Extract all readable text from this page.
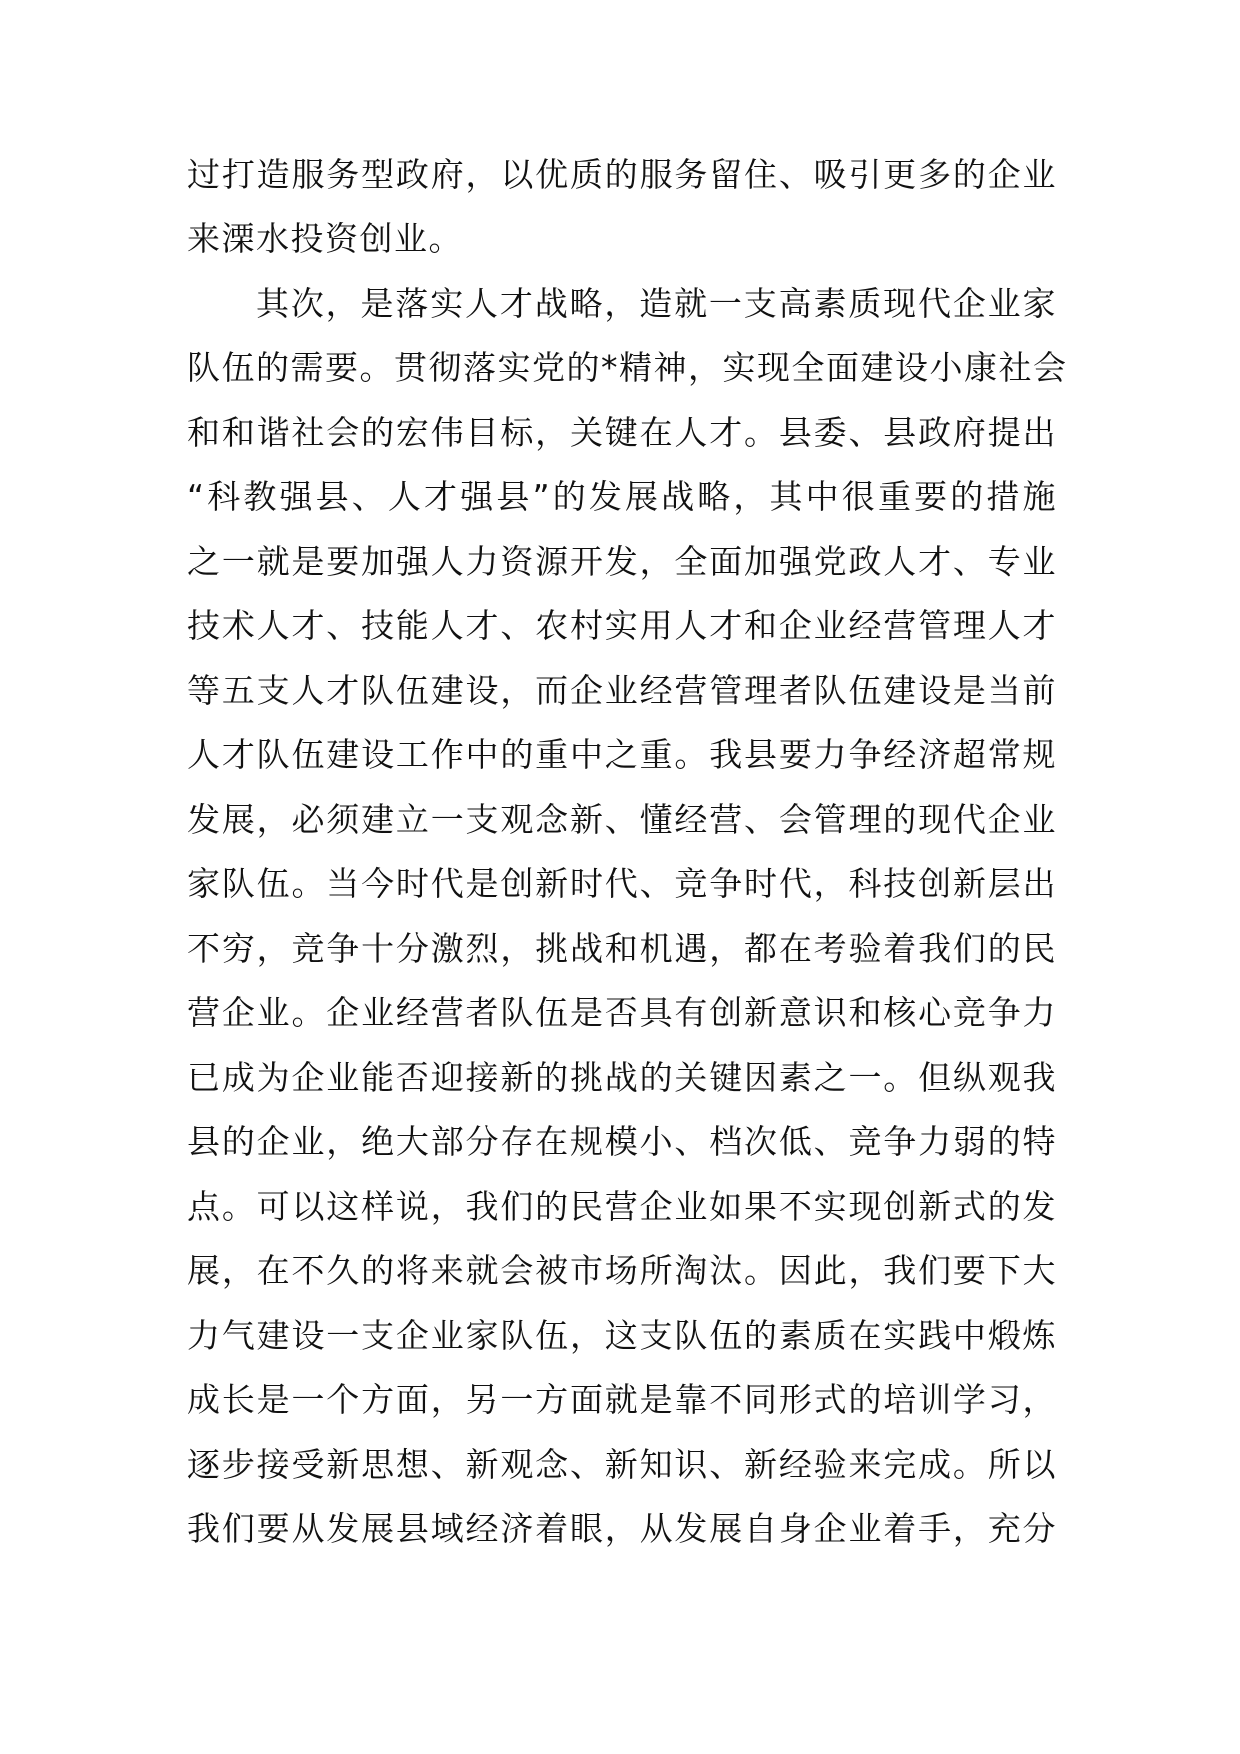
过打造服务型政府，以优质的服务留住、吸引更多的企业
来溧水投资创业。
其次，是落实人才战略，造就一支高素质现代企业家
队伍的需要。贯彻落实党的*精神，实现全面建设小康社会
和和谐社会的宏伟目标，关键在人才。县委、县政府提出
“科教强县、人才强县”的发展战略，其中很重要的措施
之一就是要加强人力资源开发，全面加强党政人才、专业
技术人才、技能人才、农村实用人才和企业经营管理人才
等五支人才队伍建设，而企业经营管理者队伍建设是当前
人才队伍建设工作中的重中之重。我县要力争经济超常规
发展，必须建立一支观念新、懂经营、会管理的现代企业
家队伍。当今时代是创新时代、竞争时代，科技创新层出
不穷，竞争十分激烈，挑战和机遇，都在考验着我们的民
营企业。企业经营者队伍是否具有创新意识和核心竞争力
已成为企业能否迎接新的挑战的关键因素之一。但纵观我
县的企业，绝大部分存在规模小、档次低、竞争力弱的特
点。可以这样说，我们的民营企业如果不实现创新式的发
展，在不久的将来就会被市场所淘汰。因此，我们要下大
力气建设一支企业家队伍，这支队伍的素质在实践中煅炼
成长是一个方面，另一方面就是靠不同形式的培训学习，
逐步接受新思想、新观念、新知识、新经验来完成。所以
我们要从发展县域经济着眼，从发展自身企业着手，充分
